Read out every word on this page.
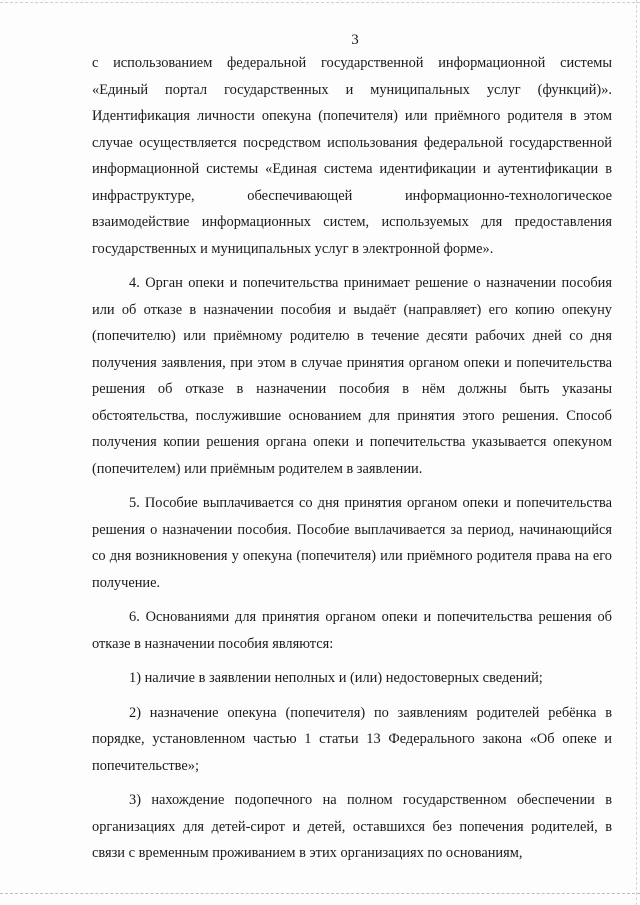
3

с использованием федеральной государственной информационной системы «Единый портал государственных и муниципальных услуг (функций)». Идентификация личности опекуна (попечителя) или приёмного родителя в этом случае осуществляется посредством использования федеральной государственной информационной системы «Единая система идентификации и аутентификации в инфраструктуре, обеспечивающей информационно-технологическое взаимодействие информационных систем, используемых для предоставления государственных и муниципальных услуг в электронной форме».

4. Орган опеки и попечительства принимает решение о назначении пособия или об отказе в назначении пособия и выдаёт (направляет) его копию опекуну (попечителю) или приёмному родителю в течение десяти рабочих дней со дня получения заявления, при этом в случае принятия органом опеки и попечительства решения об отказе в назначении пособия в нём должны быть указаны обстоятельства, послужившие основанием для принятия этого решения. Способ получения копии решения органа опеки и попечительства указывается опекуном (попечителем) или приёмным родителем в заявлении.

5. Пособие выплачивается со дня принятия органом опеки и попечительства решения о назначении пособия. Пособие выплачивается за период, начинающийся со дня возникновения у опекуна (попечителя) или приёмного родителя права на его получение.

6. Основаниями для принятия органом опеки и попечительства решения об отказе в назначении пособия являются:

1) наличие в заявлении неполных и (или) недостоверных сведений;

2) назначение опекуна (попечителя) по заявлениям родителей ребёнка в порядке, установленном частью 1 статьи 13 Федерального закона «Об опеке и попечительстве»;

3) нахождение подопечного на полном государственном обеспечении в организациях для детей-сирот и детей, оставшихся без попечения родителей, в связи с временным проживанием в этих организациях по основаниям,
